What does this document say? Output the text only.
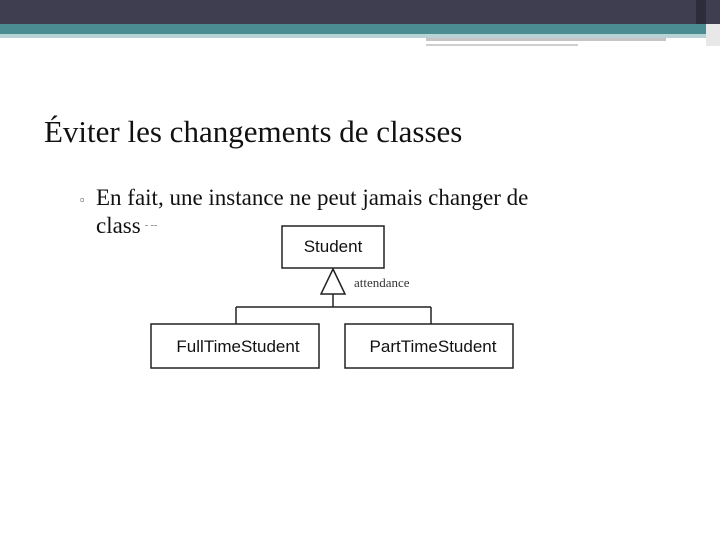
Éviter les changements de classes
▫ En fait, une instance ne peut jamais changer de
class - --
Student
attendance
FullTimeStudent	PartTimeStudent
